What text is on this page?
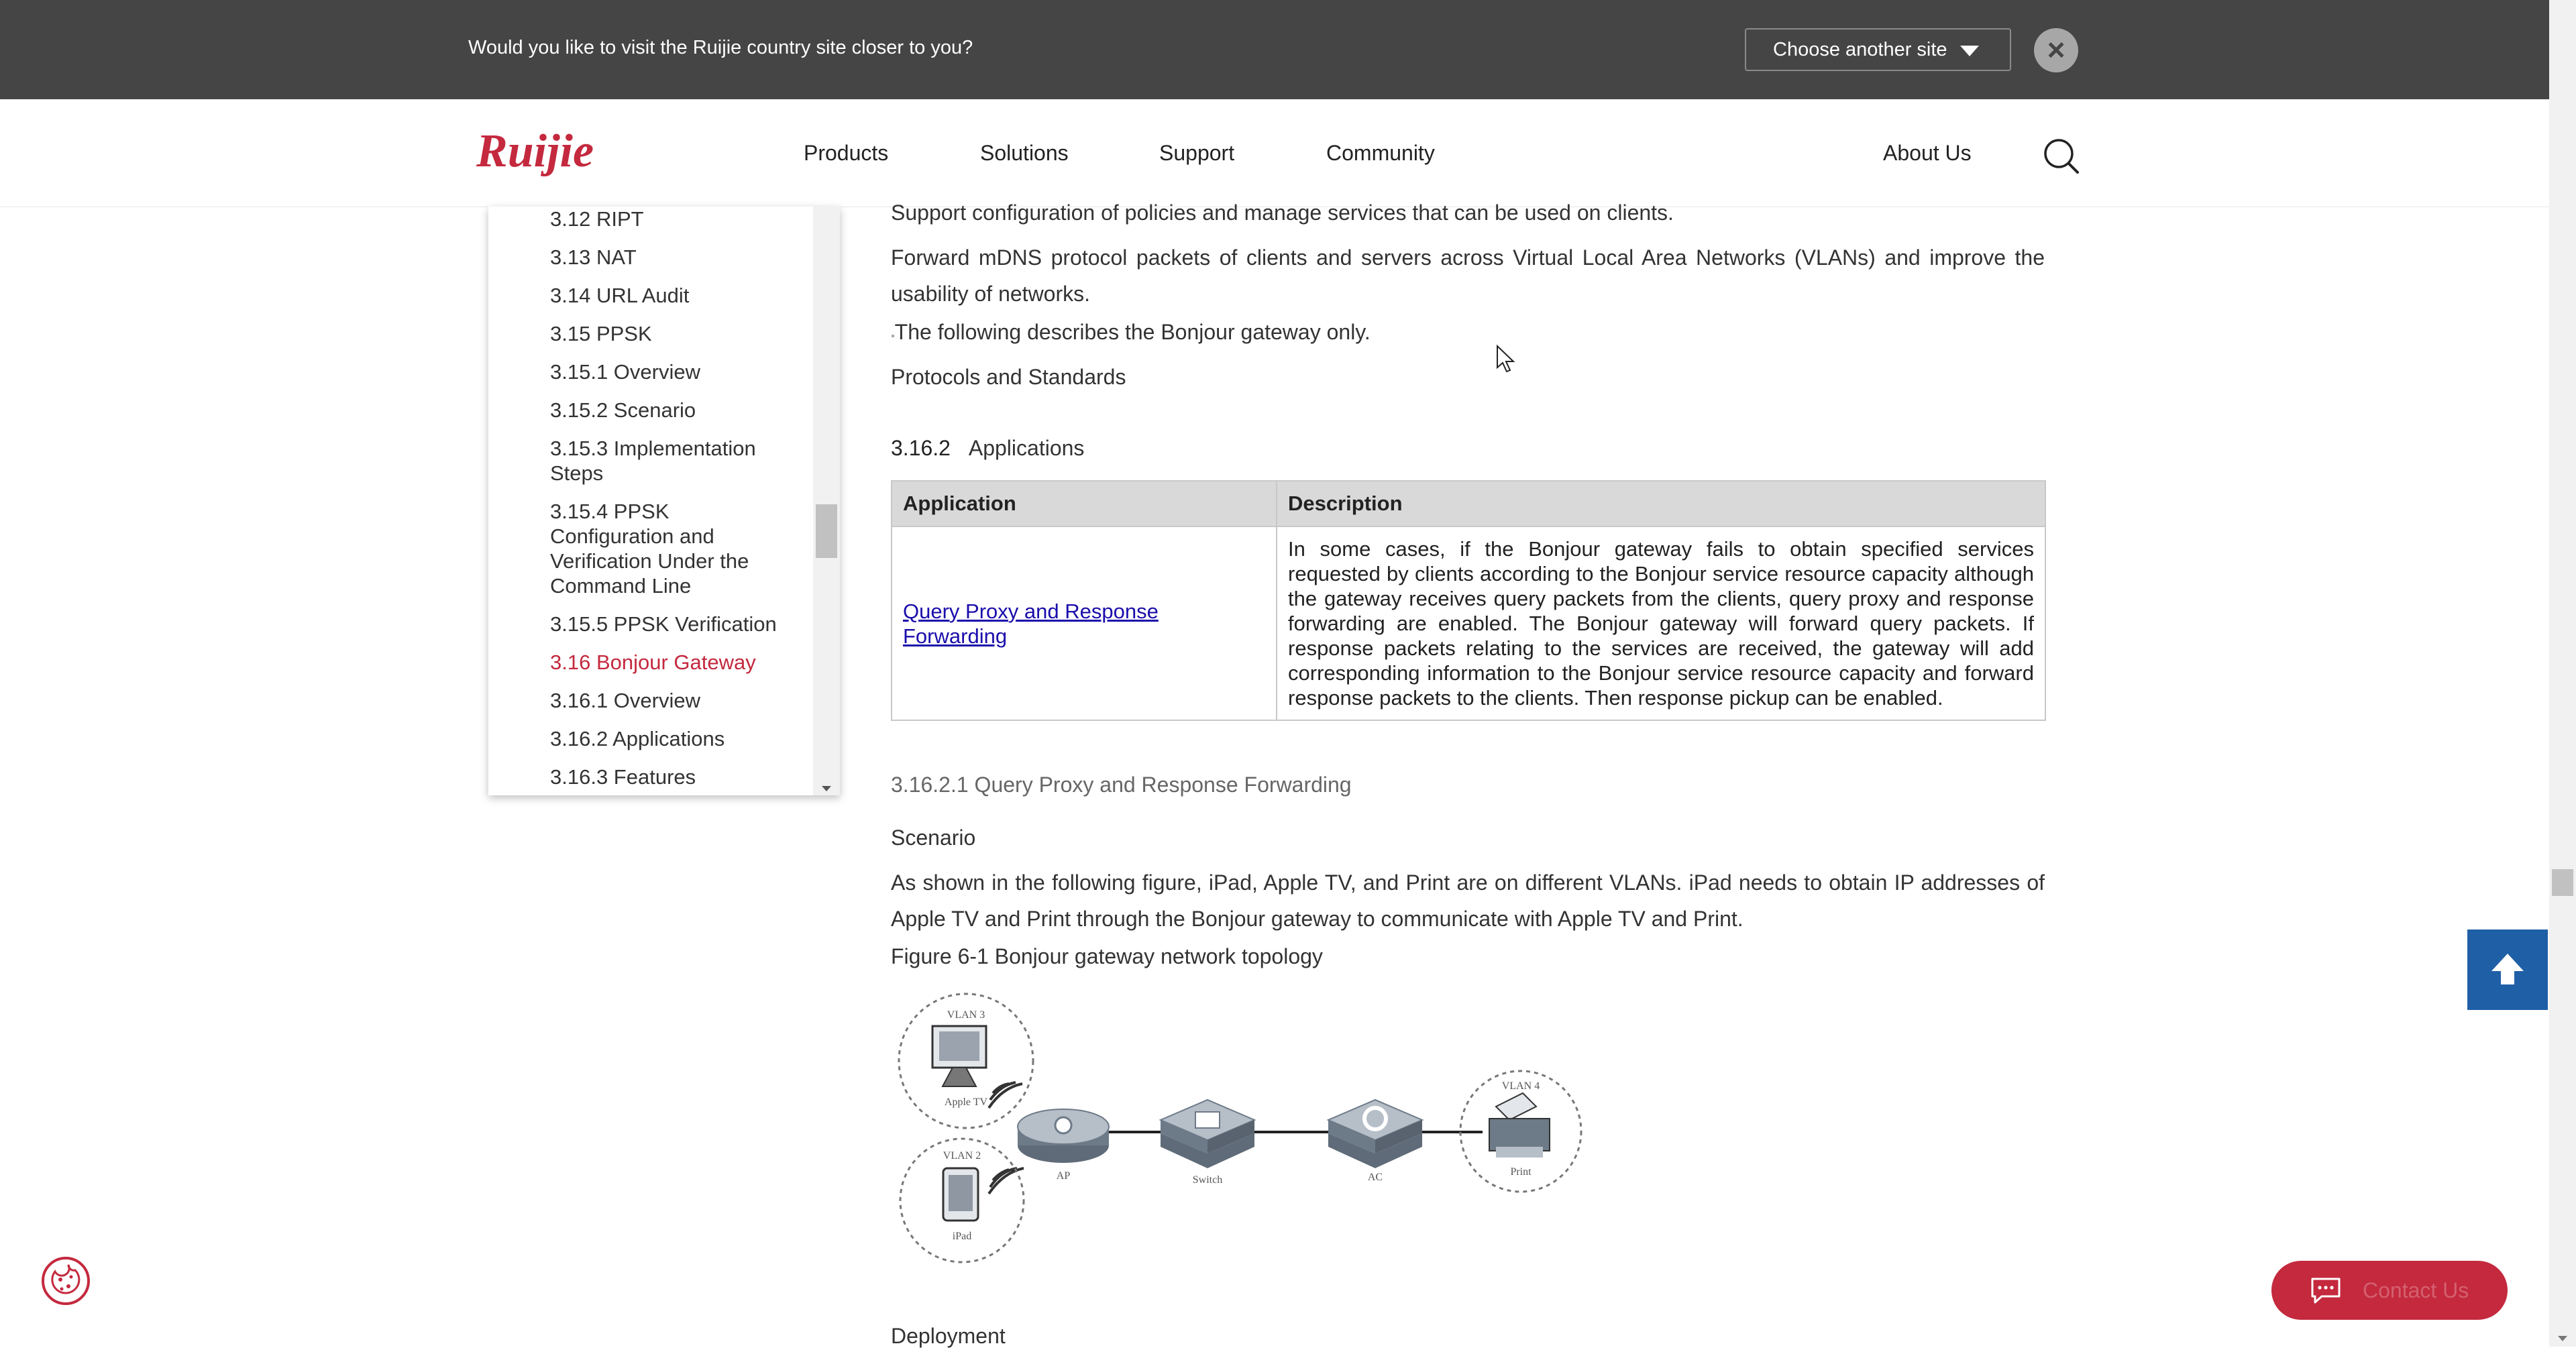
Would you like to visit the Ruijie country site closer to you?	Choose another site	×
Ruijie	Products	Solutions	Support	Community	About Us
3.12 RIPT
3.13 NAT
3.14 URL Audit
3.15 PPSK
3.15.1 Overview
3.15.2 Scenario
3.15.3 Implementation Steps
3.15.4 PPSK Configuration and Verification Under the Command Line
3.15.5 PPSK Verification
3.16 Bonjour Gateway
3.16.1 Overview
3.16.2 Applications
3.16.3 Features
Support configuration of policies and manage services that can be used on clients.
Forward mDNS protocol packets of clients and servers across Virtual Local Area Networks (VLANs) and improve the usability of networks.
▪The following describes the Bonjour gateway only.
Protocols and Standards
3.16.2 Applications
Application	Description
Query Proxy and Response Forwarding	In some cases, if the Bonjour gateway fails to obtain specified services requested by clients according to the Bonjour service resource capacity although the gateway receives query packets from the clients, query proxy and response forwarding are enabled. The Bonjour gateway will forward query packets. If response packets relating to the services are received, the gateway will add corresponding information to the Bonjour service resource capacity and forward response packets to the clients. Then response pickup can be enabled.
3.16.2.1 Query Proxy and Response Forwarding
Scenario
As shown in the following figure, iPad, Apple TV, and Print are on different VLANs. iPad needs to obtain IP addresses of Apple TV and Print through the Bonjour gateway to communicate with Apple TV and Print.
Figure 6-1 Bonjour gateway network topology
VLAN 3
Apple TV
VLAN 2
iPad
AP	Switch	AC
VLAN 4
Print
Deployment
Contact Us
